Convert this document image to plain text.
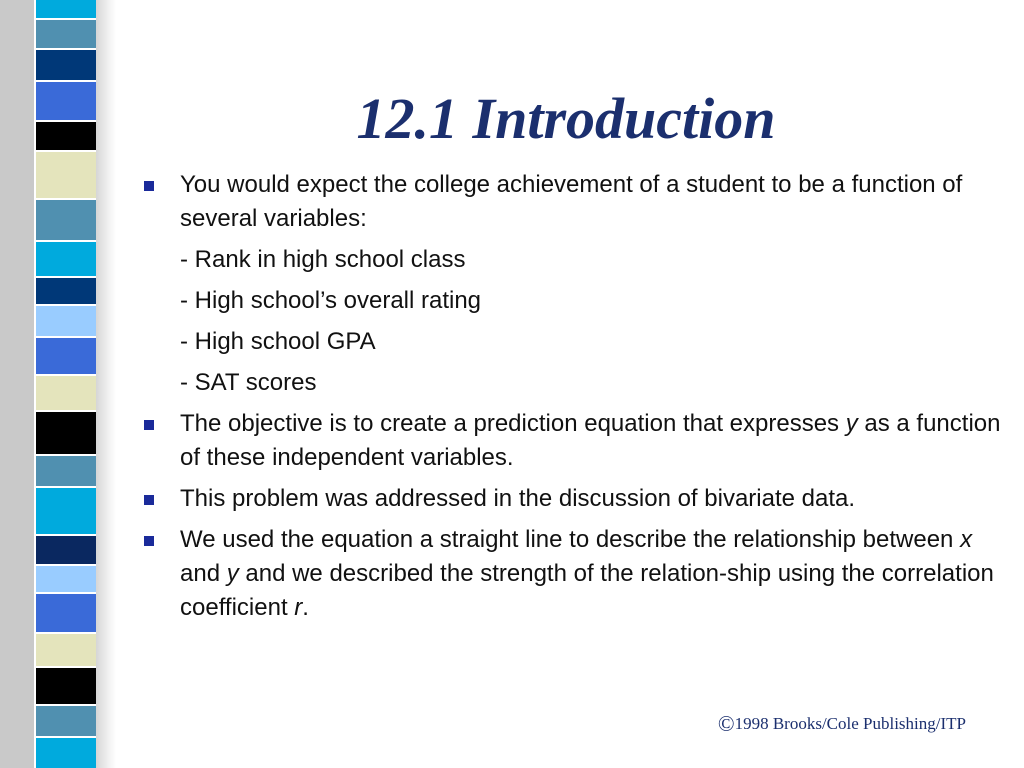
12.1 Introduction
You would expect the college achievement of a student to be a function of several variables:
- Rank in high school class
- High school’s overall rating
- High school GPA
- SAT scores
The objective is to create a prediction equation that expresses y as a function of these independent variables.
This problem was addressed in the discussion of bivariate data.
We used the equation a straight line to describe the relationship between x and y and we described the strength of the relation-ship using the correlation coefficient r.
©1998 Brooks/Cole Publishing/ITP
